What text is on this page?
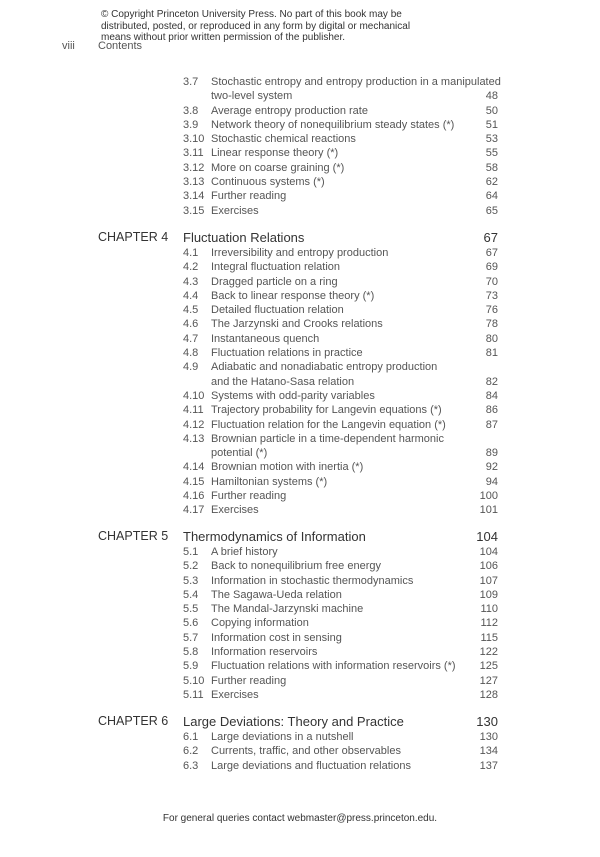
© Copyright Princeton University Press. No part of this book may be
distributed, posted, or reproduced in any form by digital or mechanical
means without prior written permission of the publisher.
viii Contents
3.7 Stochastic entropy and entropy production in a manipulated
two-level system	48
3.8 Average entropy production rate	50
3.9 Network theory of nonequilibrium steady states (*)	51
3.10 Stochastic chemical reactions	53
3.11 Linear response theory (*)	55
3.12 More on coarse graining (*)	58
3.13 Continuous systems (*)	62
3.14 Further reading	64
3.15 Exercises	65
CHAPTER 4 Fluctuation Relations	67
4.1 Irreversibility and entropy production	67
4.2 Integral fluctuation relation	69
4.3 Dragged particle on a ring	70
4.4 Back to linear response theory (*)	73
4.5 Detailed fluctuation relation	76
4.6 The Jarzynski and Crooks relations	78
4.7 Instantaneous quench	80
4.8 Fluctuation relations in practice	81
4.9 Adiabatic and nonadiabatic entropy production
and the Hatano-Sasa relation	82
4.10 Systems with odd-parity variables	84
4.11 Trajectory probability for Langevin equations (*)	86
4.12 Fluctuation relation for the Langevin equation (*)	87
4.13 Brownian particle in a time-dependent harmonic
potential (*)	89
4.14 Brownian motion with inertia (*)	92
4.15 Hamiltonian systems (*)	94
4.16 Further reading	100
4.17 Exercises	101
CHAPTER 5 Thermodynamics of Information	104
5.1 A brief history	104
5.2 Back to nonequilibrium free energy	106
5.3 Information in stochastic thermodynamics	107
5.4 The Sagawa-Ueda relation	109
5.5 The Mandal-Jarzynski machine	110
5.6 Copying information	112
5.7 Information cost in sensing	115
5.8 Information reservoirs	122
5.9 Fluctuation relations with information reservoirs (*) 125
5.10 Further reading	127
5.11 Exercises	128
CHAPTER 6 Large Deviations: Theory and Practice	130
6.1 Large deviations in a nutshell	130
6.2 Currents, traffic, and other observables	134
6.3 Large deviations and fluctuation relations	137
For general queries contact webmaster@press.princeton.edu.
